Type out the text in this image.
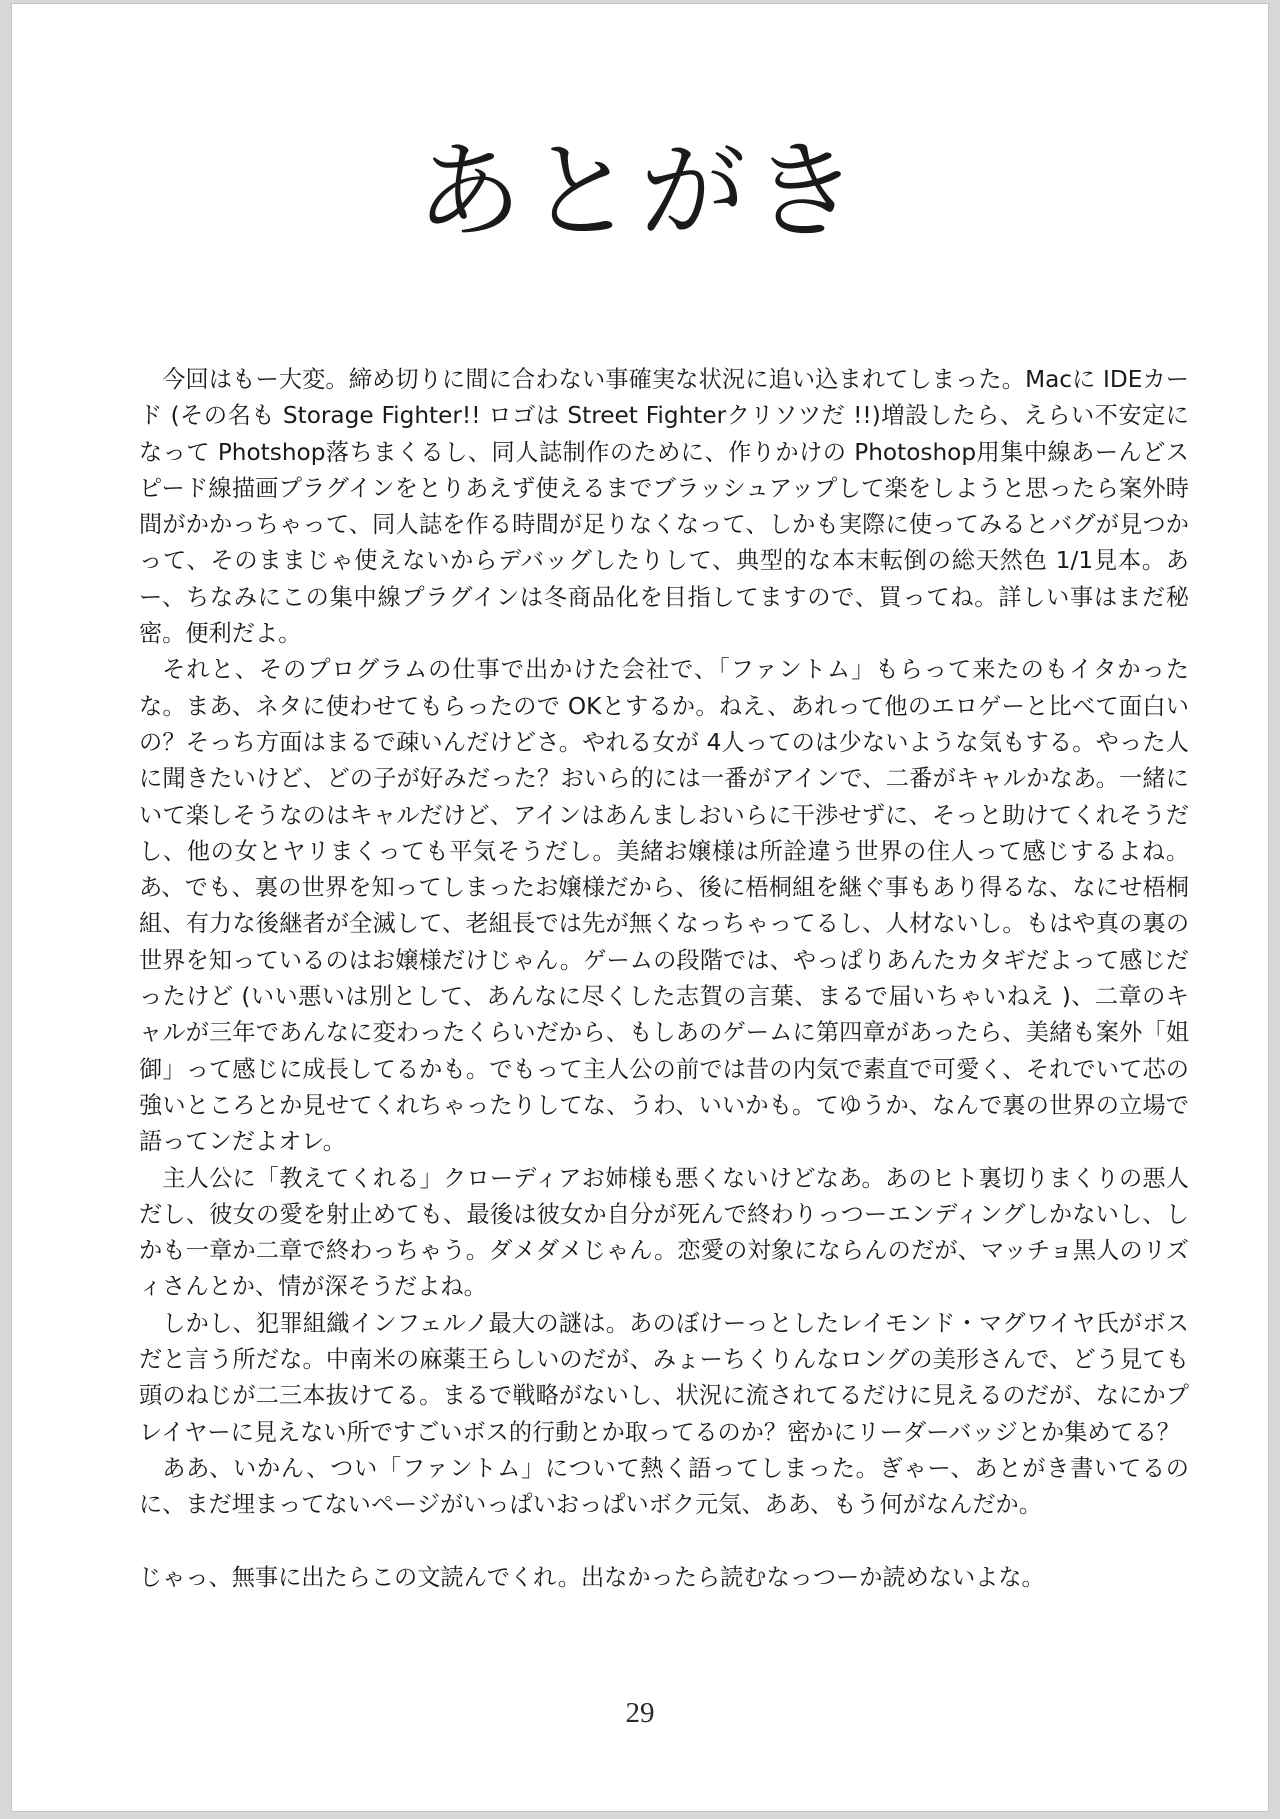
あとがき

今回はもー大変。締め切りに間に合わない事確実な状況に追い込まれてしまった。Macに IDEカード (その名も Storage Fighter!! ロゴは Street Fighterクリソツだ !!)増設したら、えらい不安定になって Photshop落ちまくるし、同人誌制作のために、作りかけの Photoshop用集中線あーんどスピード線描画プラグインをとりあえず使えるまでブラッシュアップして楽をしようと思ったら案外時間がかかっちゃって、同人誌を作る時間が足りなくなって、しかも実際に使ってみるとバグが見つかって、そのままじゃ使えないからデバッグしたりして、典型的な本末転倒の総天然色 1/1見本。あー、ちなみにこの集中線プラグインは冬商品化を目指してますので、買ってね。詳しい事はまだ秘密。便利だよ。

それと、そのプログラムの仕事で出かけた会社で、「ファントム」もらって来たのもイタかったな。まあ、ネタに使わせてもらったので OKとするか。ねえ、あれって他のエロゲーと比べて面白いの？そっち方面はまるで疎いんだけどさ。やれる女が 4人ってのは少ないような気もする。やった人に聞きたいけど、どの子が好みだった？おいら的には一番がアインで、二番がキャルかなあ。一緒にいて楽しそうなのはキャルだけど、アインはあんましおいらに干渉せずに、そっと助けてくれそうだし、他の女とヤリまくっても平気そうだし。美緒お嬢様は所詮違う世界の住人って感じするよね。あ、でも、裏の世界を知ってしまったお嬢様だから、後に梧桐組を継ぐ事もあり得るな、なにせ梧桐組、有力な後継者が全滅して、老組長では先が無くなっちゃってるし、人材ないし。もはや真の裏の世界を知っているのはお嬢様だけじゃん。ゲームの段階では、やっぱりあんたカタギだよって感じだったけど (いい悪いは別として、あんなに尽くした志賀の言葉、まるで届いちゃいねえ )、二章のキャルが三年であんなに変わったくらいだから、もしあのゲームに第四章があったら、美緒も案外「姐御」って感じに成長してるかも。でもって主人公の前では昔の内気で素直で可愛く、それでいて芯の強いところとか見せてくれちゃったりしてな、うわ、いいかも。てゆうか、なんで裏の世界の立場で語ってンだよオレ。

主人公に「教えてくれる」クローディアお姉様も悪くないけどなあ。あのヒト裏切りまくりの悪人だし、彼女の愛を射止めても、最後は彼女か自分が死んで終わりっつーエンディングしかないし、しかも一章か二章で終わっちゃう。ダメダメじゃん。恋愛の対象にならんのだが、マッチョ黒人のリズィさんとか、情が深そうだよね。

しかし、犯罪組織インフェルノ最大の謎は。あのぼけーっとしたレイモンド・マグワイヤ氏がボスだと言う所だな。中南米の麻薬王らしいのだが、みょーちくりんなロングの美形さんで、どう見ても頭のねじが二三本抜けてる。まるで戦略がないし、状況に流されてるだけに見えるのだが、なにかプレイヤーに見えない所ですごいボス的行動とか取ってるのか？密かにリーダーバッジとか集めてる？

ああ、いかん、つい「ファントム」について熱く語ってしまった。ぎゃー、あとがき書いてるのに、まだ埋まってないページがいっぱいおっぱいボク元気、ああ、もう何がなんだか。

じゃっ、無事に出たらこの文読んでくれ。出なかったら読むなっつーか読めないよな。

29
